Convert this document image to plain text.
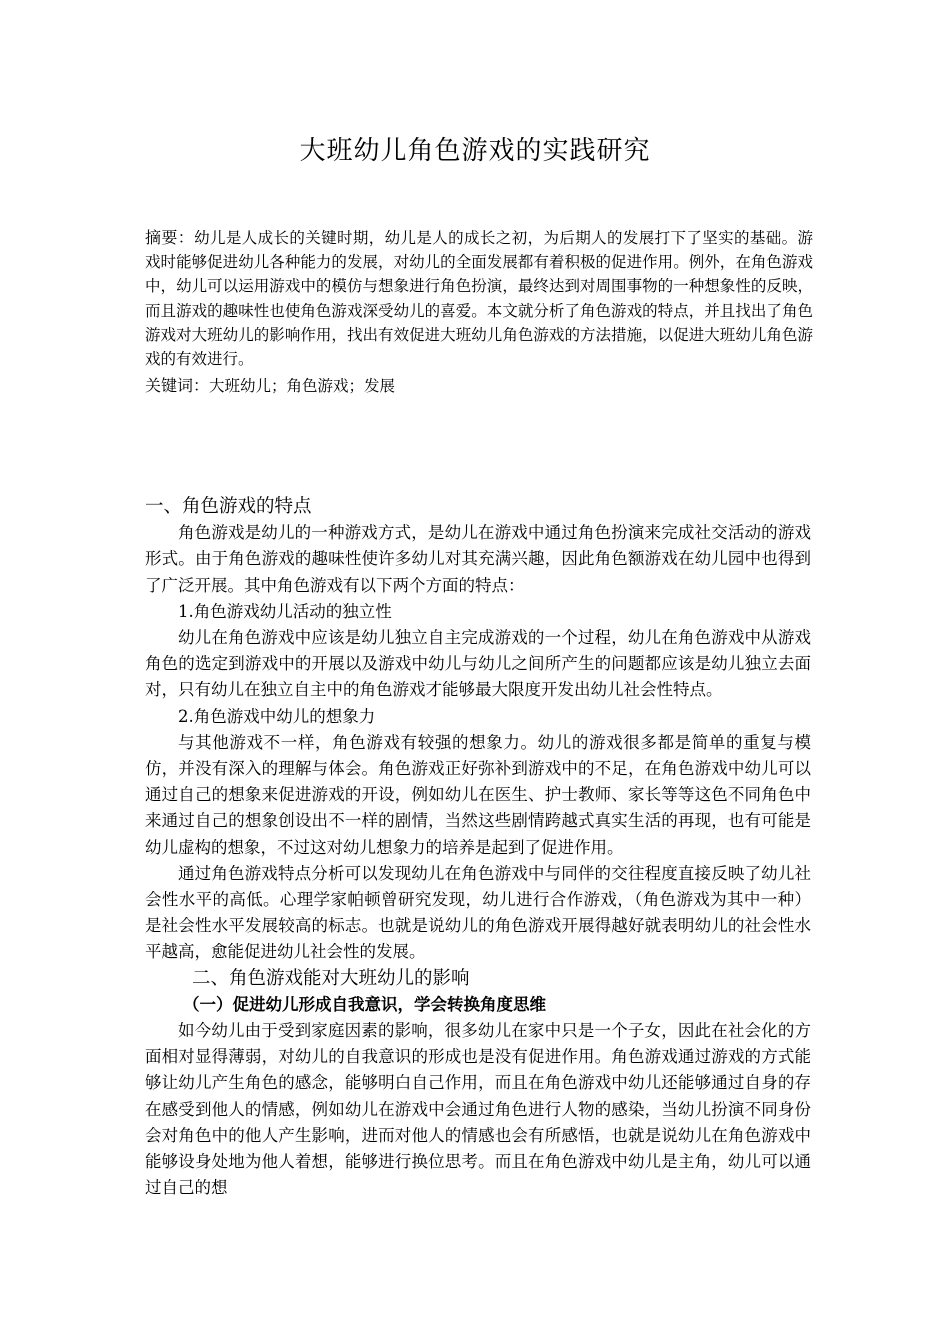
大班幼儿角色游戏的实践研究

摘要：幼儿是人成长的关键时期，幼儿是人的成长之初，为后期人的发展打下了坚实的基础。游戏时能够促进幼儿各种能力的发展，对幼儿的全面发展都有着积极的促进作用。例外，在角色游戏中，幼儿可以运用游戏中的模仿与想象进行角色扮演，最终达到对周围事物的一种想象性的反映，而且游戏的趣味性也使角色游戏深受幼儿的喜爱。本文就分析了角色游戏的特点，并且找出了角色游戏对大班幼儿的影响作用，找出有效促进大班幼儿角色游戏的方法措施，以促进大班幼儿角色游戏的有效进行。

关键词：大班幼儿；角色游戏；发展

一、角色游戏的特点

角色游戏是幼儿的一种游戏方式，是幼儿在游戏中通过角色扮演来完成社交活动的游戏形式。由于角色游戏的趣味性使许多幼儿对其充满兴趣，因此角色额游戏在幼儿园中也得到了广泛开展。其中角色游戏有以下两个方面的特点：

1.角色游戏幼儿活动的独立性

幼儿在角色游戏中应该是幼儿独立自主完成游戏的一个过程，幼儿在角色游戏中从游戏角色的选定到游戏中的开展以及游戏中幼儿与幼儿之间所产生的问题都应该是幼儿独立去面对，只有幼儿在独立自主中的角色游戏才能够最大限度开发出幼儿社会性特点。

2.角色游戏中幼儿的想象力

与其他游戏不一样，角色游戏有较强的想象力。幼儿的游戏很多都是简单的重复与模仿，并没有深入的理解与体会。角色游戏正好弥补到游戏中的不足，在角色游戏中幼儿可以通过自己的想象来促进游戏的开设，例如幼儿在医生、护士教师、家长等等这色不同角色中来通过自己的想象创设出不一样的剧情，当然这些剧情跨越式真实生活的再现，也有可能是幼儿虚构的想象，不过这对幼儿想象力的培养是起到了促进作用。

通过角色游戏特点分析可以发现幼儿在角色游戏中与同伴的交往程度直接反映了幼儿社会性水平的高低。心理学家帕顿曾研究发现，幼儿进行合作游戏，（角色游戏为其中一种）是社会性水平发展较高的标志。也就是说幼儿的角色游戏开展得越好就表明幼儿的社会性水平越高，愈能促进幼儿社会性的发展。

二、角色游戏能对大班幼儿的影响

（一）促进幼儿形成自我意识，学会转换角度思维

如今幼儿由于受到家庭因素的影响，很多幼儿在家中只是一个子女，因此在社会化的方面相对显得薄弱，对幼儿的自我意识的形成也是没有促进作用。角色游戏通过游戏的方式能够让幼儿产生角色的感念，能够明白自己作用，而且在角色游戏中幼儿还能够通过自身的存在感受到他人的情感，例如幼儿在游戏中会通过角色进行人物的感染，当幼儿扮演不同身份会对角色中的他人产生影响，进而对他人的情感也会有所感悟，也就是说幼儿在角色游戏中能够设身处地为他人着想，能够进行换位思考。而且在角色游戏中幼儿是主角，幼儿可以通过自己的想
